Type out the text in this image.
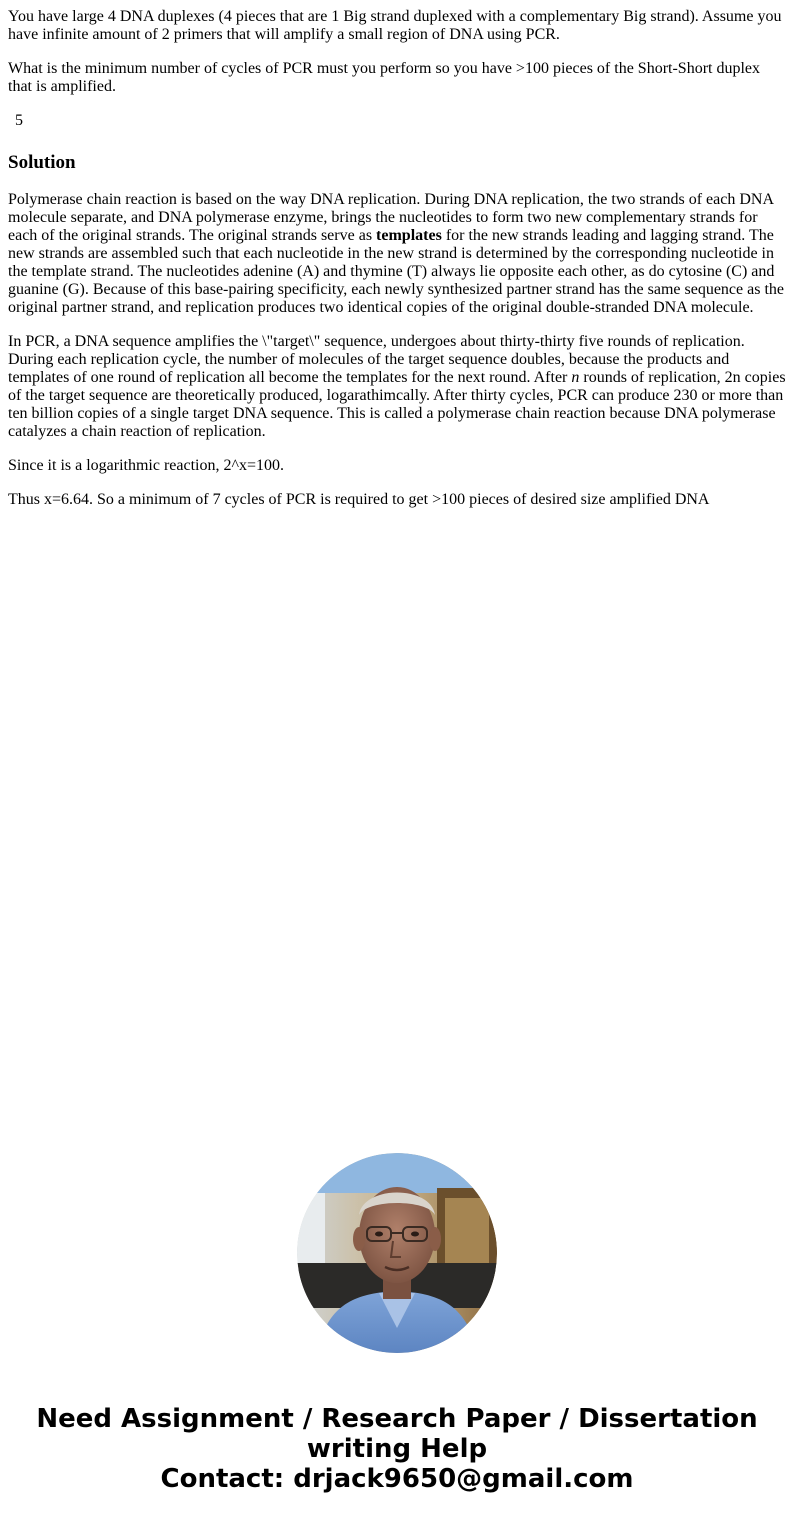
You have large 4 DNA duplexes (4 pieces that are 1 Big strand duplexed with a complementary Big strand). Assume you have infinite amount of 2 primers that will amplify a small region of DNA using PCR.

What is the minimum number of cycles of PCR must you perform so you have >100 pieces of the Short-Short duplex that is amplified.

5
Solution

Polymerase chain reaction is based on the way DNA replication. During DNA replication, the two strands of each DNA molecule separate, and DNA polymerase enzyme, brings the nucleotides to form two new complementary strands for each of the original strands. The original strands serve as templates for the new strands leading and lagging strand. The new strands are assembled such that each nucleotide in the new strand is determined by the corresponding nucleotide in the template strand. The nucleotides adenine (A) and thymine (T) always lie opposite each other, as do cytosine (C) and guanine (G). Because of this base-pairing specificity, each newly synthesized partner strand has the same sequence as the original partner strand, and replication produces two identical copies of the original double-stranded DNA molecule.

In PCR, a DNA sequence amplifies the \"target\" sequence, undergoes about thirty-thirty five rounds of replication. During each replication cycle, the number of molecules of the target sequence doubles, because the products and templates of one round of replication all become the templates for the next round. After n rounds of replication, 2n copies of the target sequence are theoretically produced, logarathimcally. After thirty cycles, PCR can produce 230 or more than ten billion copies of a single target DNA sequence. This is called a polymerase chain reaction because DNA polymerase catalyzes a chain reaction of replication.

Since it is a logarithmic reaction, 2^x=100.

Thus x=6.64. So a minimum of 7 cycles of PCR is required to get >100 pieces of desired size amplified DNA

Need Assignment / Research Paper / Dissertation
writing Help
Contact: drjack9650@gmail.com
